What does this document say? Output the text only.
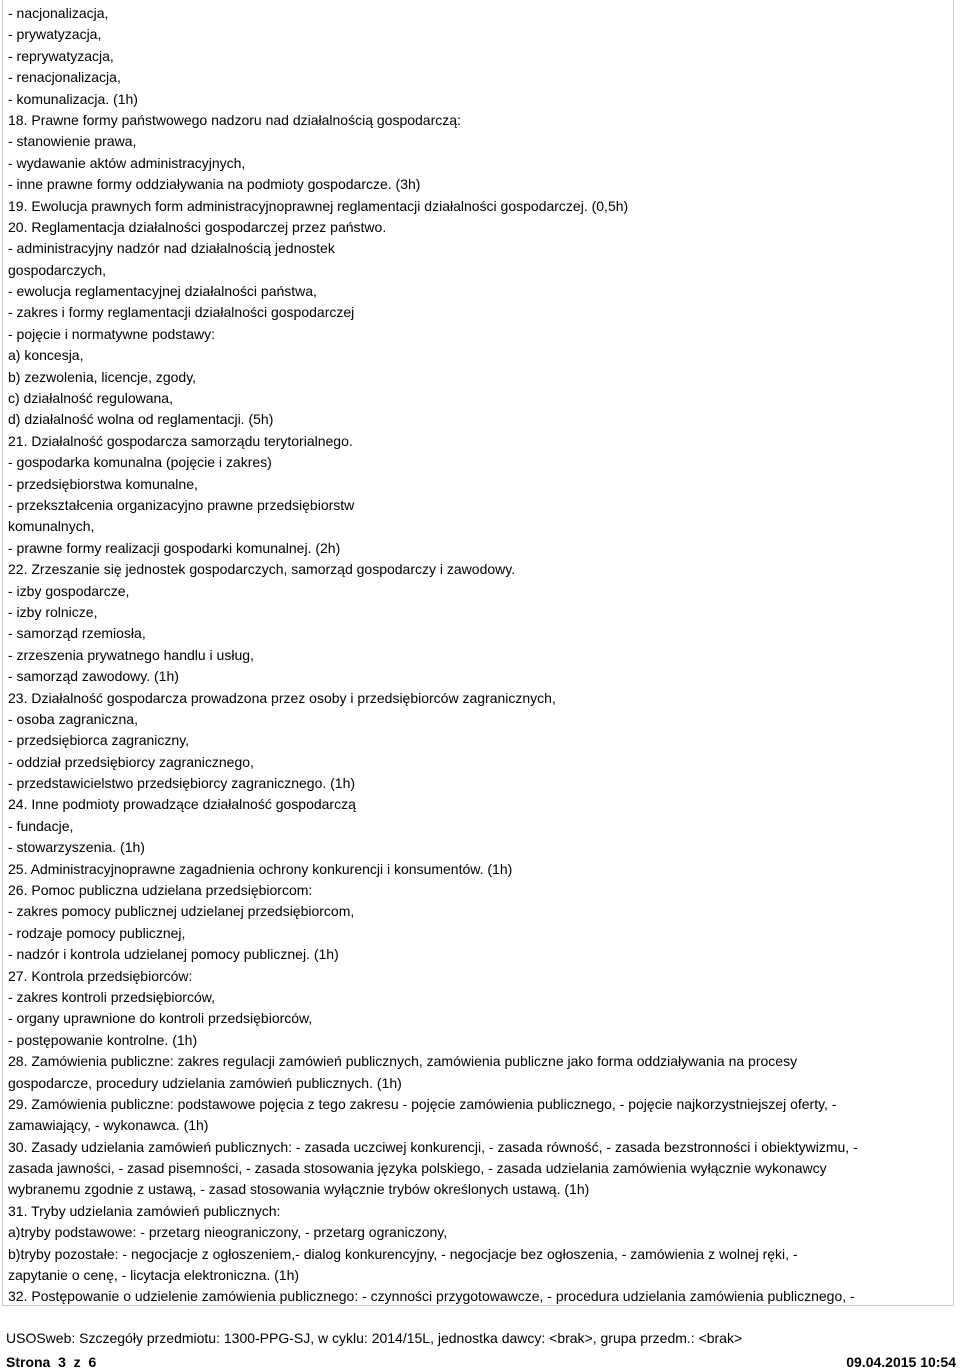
- nacjonalizacja,
- prywatyzacja,
- reprywatyzacja,
- renacjonalizacja,
- komunalizacja. (1h)
18. Prawne formy państwowego nadzoru nad działalnością gospodarczą:
- stanowienie prawa,
- wydawanie aktów administracyjnych,
- inne prawne formy oddziaływania na podmioty gospodarcze. (3h)
19. Ewolucja prawnych form administracyjnoprawnej reglamentacji działalności gospodarczej. (0,5h)
20. Reglamentacja działalności gospodarczej przez państwo.
- administracyjny nadzór nad działalnością jednostek
gospodarczych,
- ewolucja reglamentacyjnej działalności państwa,
- zakres i formy reglamentacji działalności gospodarczej
- pojęcie i normatywne podstawy:
a) koncesja,
b) zezwolenia, licencje, zgody,
c) działalność regulowana,
d) działalność wolna od reglamentacji. (5h)
21. Działalność gospodarcza samorządu terytorialnego.
- gospodarka komunalna (pojęcie i zakres)
- przedsiębiorstwa komunalne,
- przekształcenia organizacyjno prawne przedsiębiorstw
komunalnych,
- prawne formy realizacji gospodarki komunalnej. (2h)
22. Zrzeszanie się jednostek gospodarczych, samorząd gospodarczy i zawodowy.
- izby gospodarcze,
- izby rolnicze,
- samorząd rzemiosła,
- zrzeszenia prywatnego handlu i usług,
- samorząd zawodowy. (1h)
23. Działalność gospodarcza prowadzona przez osoby i przedsiębiorców zagranicznych,
- osoba zagraniczna,
- przedsiębiorca zagraniczny,
- oddział przedsiębiorcy zagranicznego,
- przedstawicielstwo przedsiębiorcy zagranicznego. (1h)
24. Inne podmioty prowadzące działalność gospodarczą
- fundacje,
- stowarzyszenia. (1h)
25. Administracyjnoprawne zagadnienia ochrony konkurencji i konsumentów. (1h)
26. Pomoc publiczna udzielana przedsiębiorcom:
- zakres pomocy publicznej udzielanej przedsiębiorcom,
- rodzaje pomocy publicznej,
- nadzór i kontrola udzielanej pomocy publicznej. (1h)
27. Kontrola przedsiębiorców:
- zakres kontroli przedsiębiorców,
- organy uprawnione do kontroli przedsiębiorców,
- postępowanie kontrolne. (1h)
28. Zamówienia publiczne: zakres regulacji zamówień publicznych, zamówienia publiczne jako forma oddziaływania na procesy
gospodarcze, procedury udzielania zamówień publicznych. (1h)
29. Zamówienia publiczne: podstawowe pojęcia z tego zakresu - pojęcie zamówienia publicznego, - pojęcie najkorzystniejszej oferty, -
zamawiający, - wykonawca. (1h)
30. Zasady udzielania zamówień publicznych: - zasada uczciwej konkurencji, - zasada równość, - zasada bezstronności i obiektywizmu, -
zasada jawności, - zasad pisemności, - zasada stosowania języka polskiego, - zasada udzielania zamówienia wyłącznie wykonawcy
wybranemu zgodnie z ustawą, - zasad stosowania wyłącznie trybów określonych ustawą. (1h)
31. Tryby udzielania zamówień publicznych:
a)tryby podstawowe: - przetarg nieograniczony, - przetarg ograniczony,
b)tryby pozostałe: - negocjacje z ogłoszeniem,- dialog konkurencyjny, - negocjacje bez ogłoszenia, - zamówienia z wolnej ręki, -
zapytanie o cenę, - licytacja elektroniczna. (1h)
32. Postępowanie o udzielenie zamówienia publicznego: - czynności przygotowawcze, - procedura udzielania zamówienia publicznego, -
USOSweb: Szczegóły przedmiotu: 1300-PPG-SJ, w cyklu: 2014/15L, jednostka dawcy: <brak>, grupa przedm.: <brak>
Strona  3  z  6	09.04.2015 10:54
